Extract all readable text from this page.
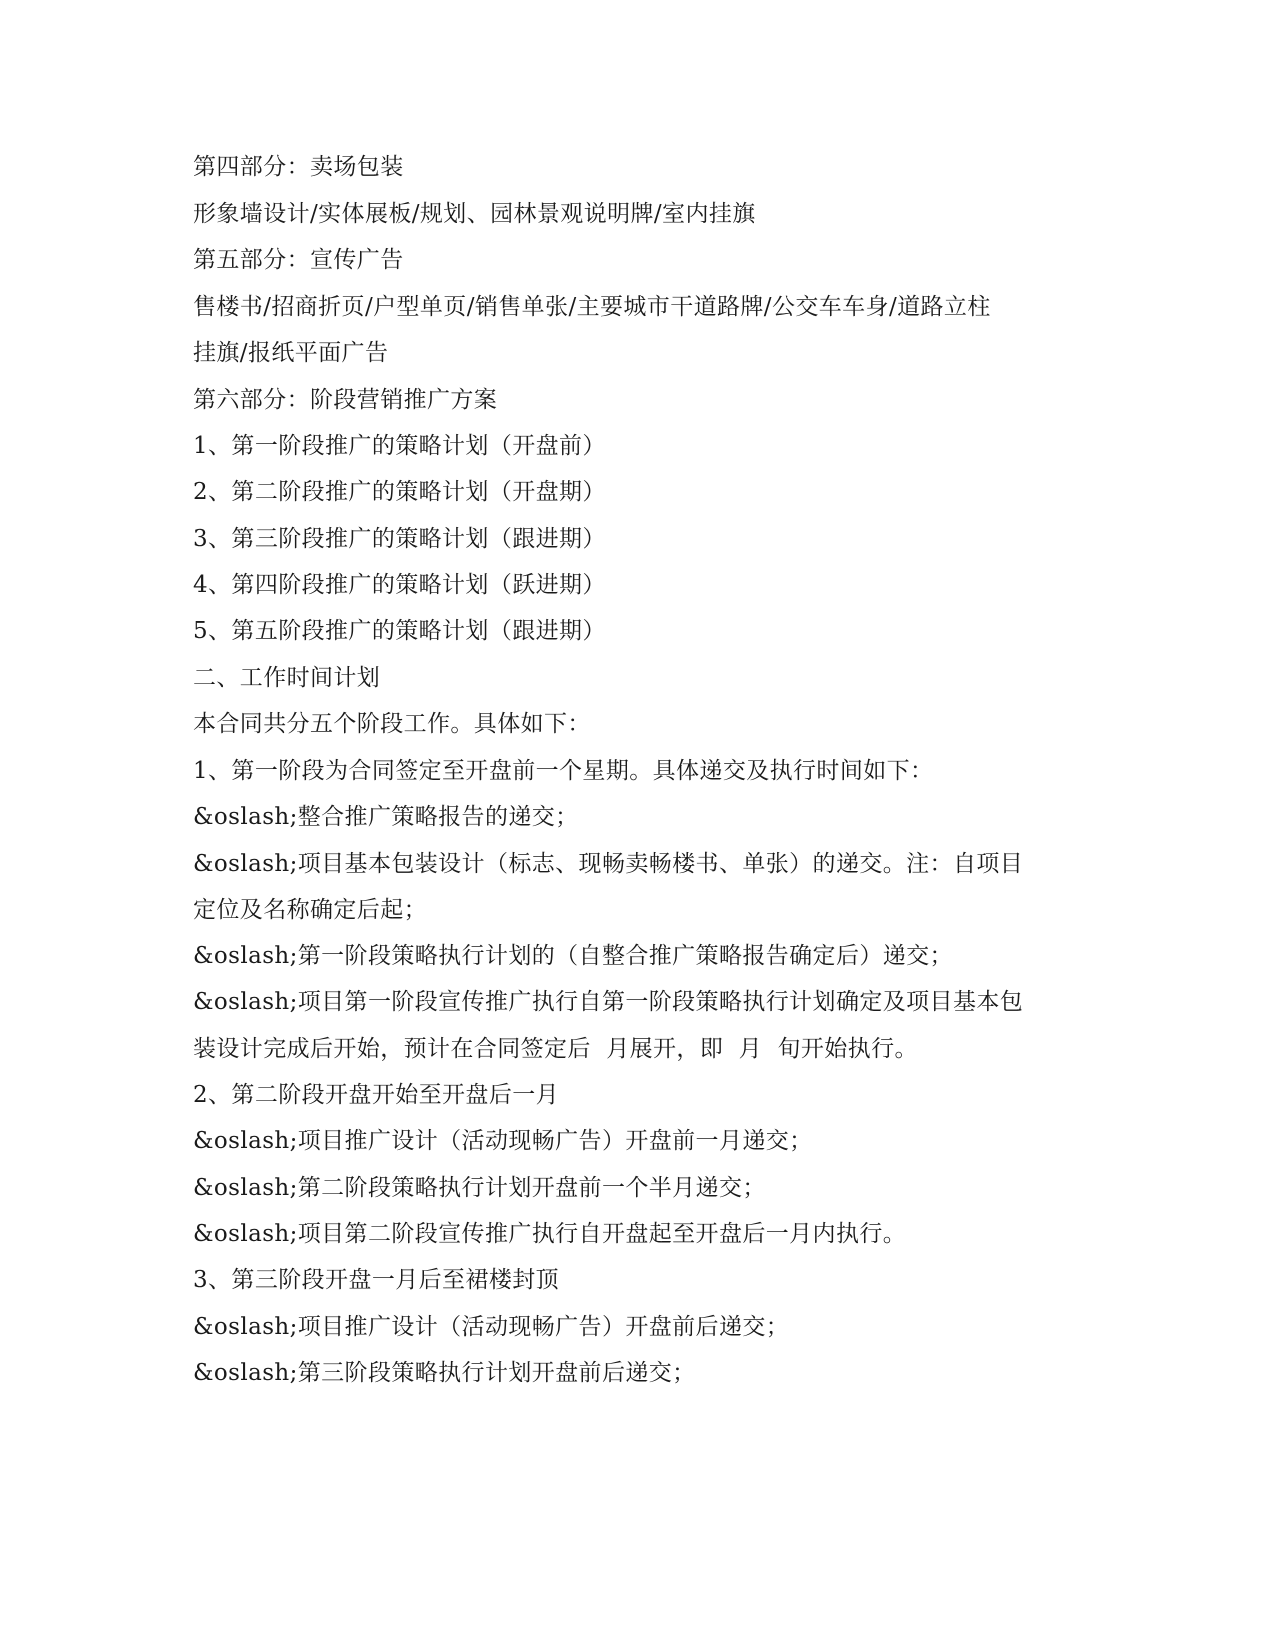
第四部分：卖场包装
形象墙设计/实体展板/规划、园林景观说明牌/室内挂旗
第五部分：宣传广告
售楼书/招商折页/户型单页/销售单张/主要城市干道路牌/公交车车身/道路立柱
挂旗/报纸平面广告
第六部分：阶段营销推广方案
1、第一阶段推广的策略计划（开盘前）
2、第二阶段推广的策略计划（开盘期）
3、第三阶段推广的策略计划（跟进期）
4、第四阶段推广的策略计划（跃进期）
5、第五阶段推广的策略计划（跟进期）
二、工作时间计划
本合同共分五个阶段工作。具体如下：
1、第一阶段为合同签定至开盘前一个星期。具体递交及执行时间如下：
&oslash;整合推广策略报告的递交；
&oslash;项目基本包装设计（标志、现畅卖畅楼书、单张）的递交。注：自项目
定位及名称确定后起；
&oslash;第一阶段策略执行计划的（自整合推广策略报告确定后）递交；
&oslash;项目第一阶段宣传推广执行自第一阶段策略执行计划确定及项目基本包
装设计完成后开始，预计在合同签定后  月展开，即  月  旬开始执行。
2、第二阶段开盘开始至开盘后一月
&oslash;项目推广设计（活动现畅广告）开盘前一月递交；
&oslash;第二阶段策略执行计划开盘前一个半月递交；
&oslash;项目第二阶段宣传推广执行自开盘起至开盘后一月内执行。
3、第三阶段开盘一月后至裙楼封顶
&oslash;项目推广设计（活动现畅广告）开盘前后递交；
&oslash;第三阶段策略执行计划开盘前后递交；
